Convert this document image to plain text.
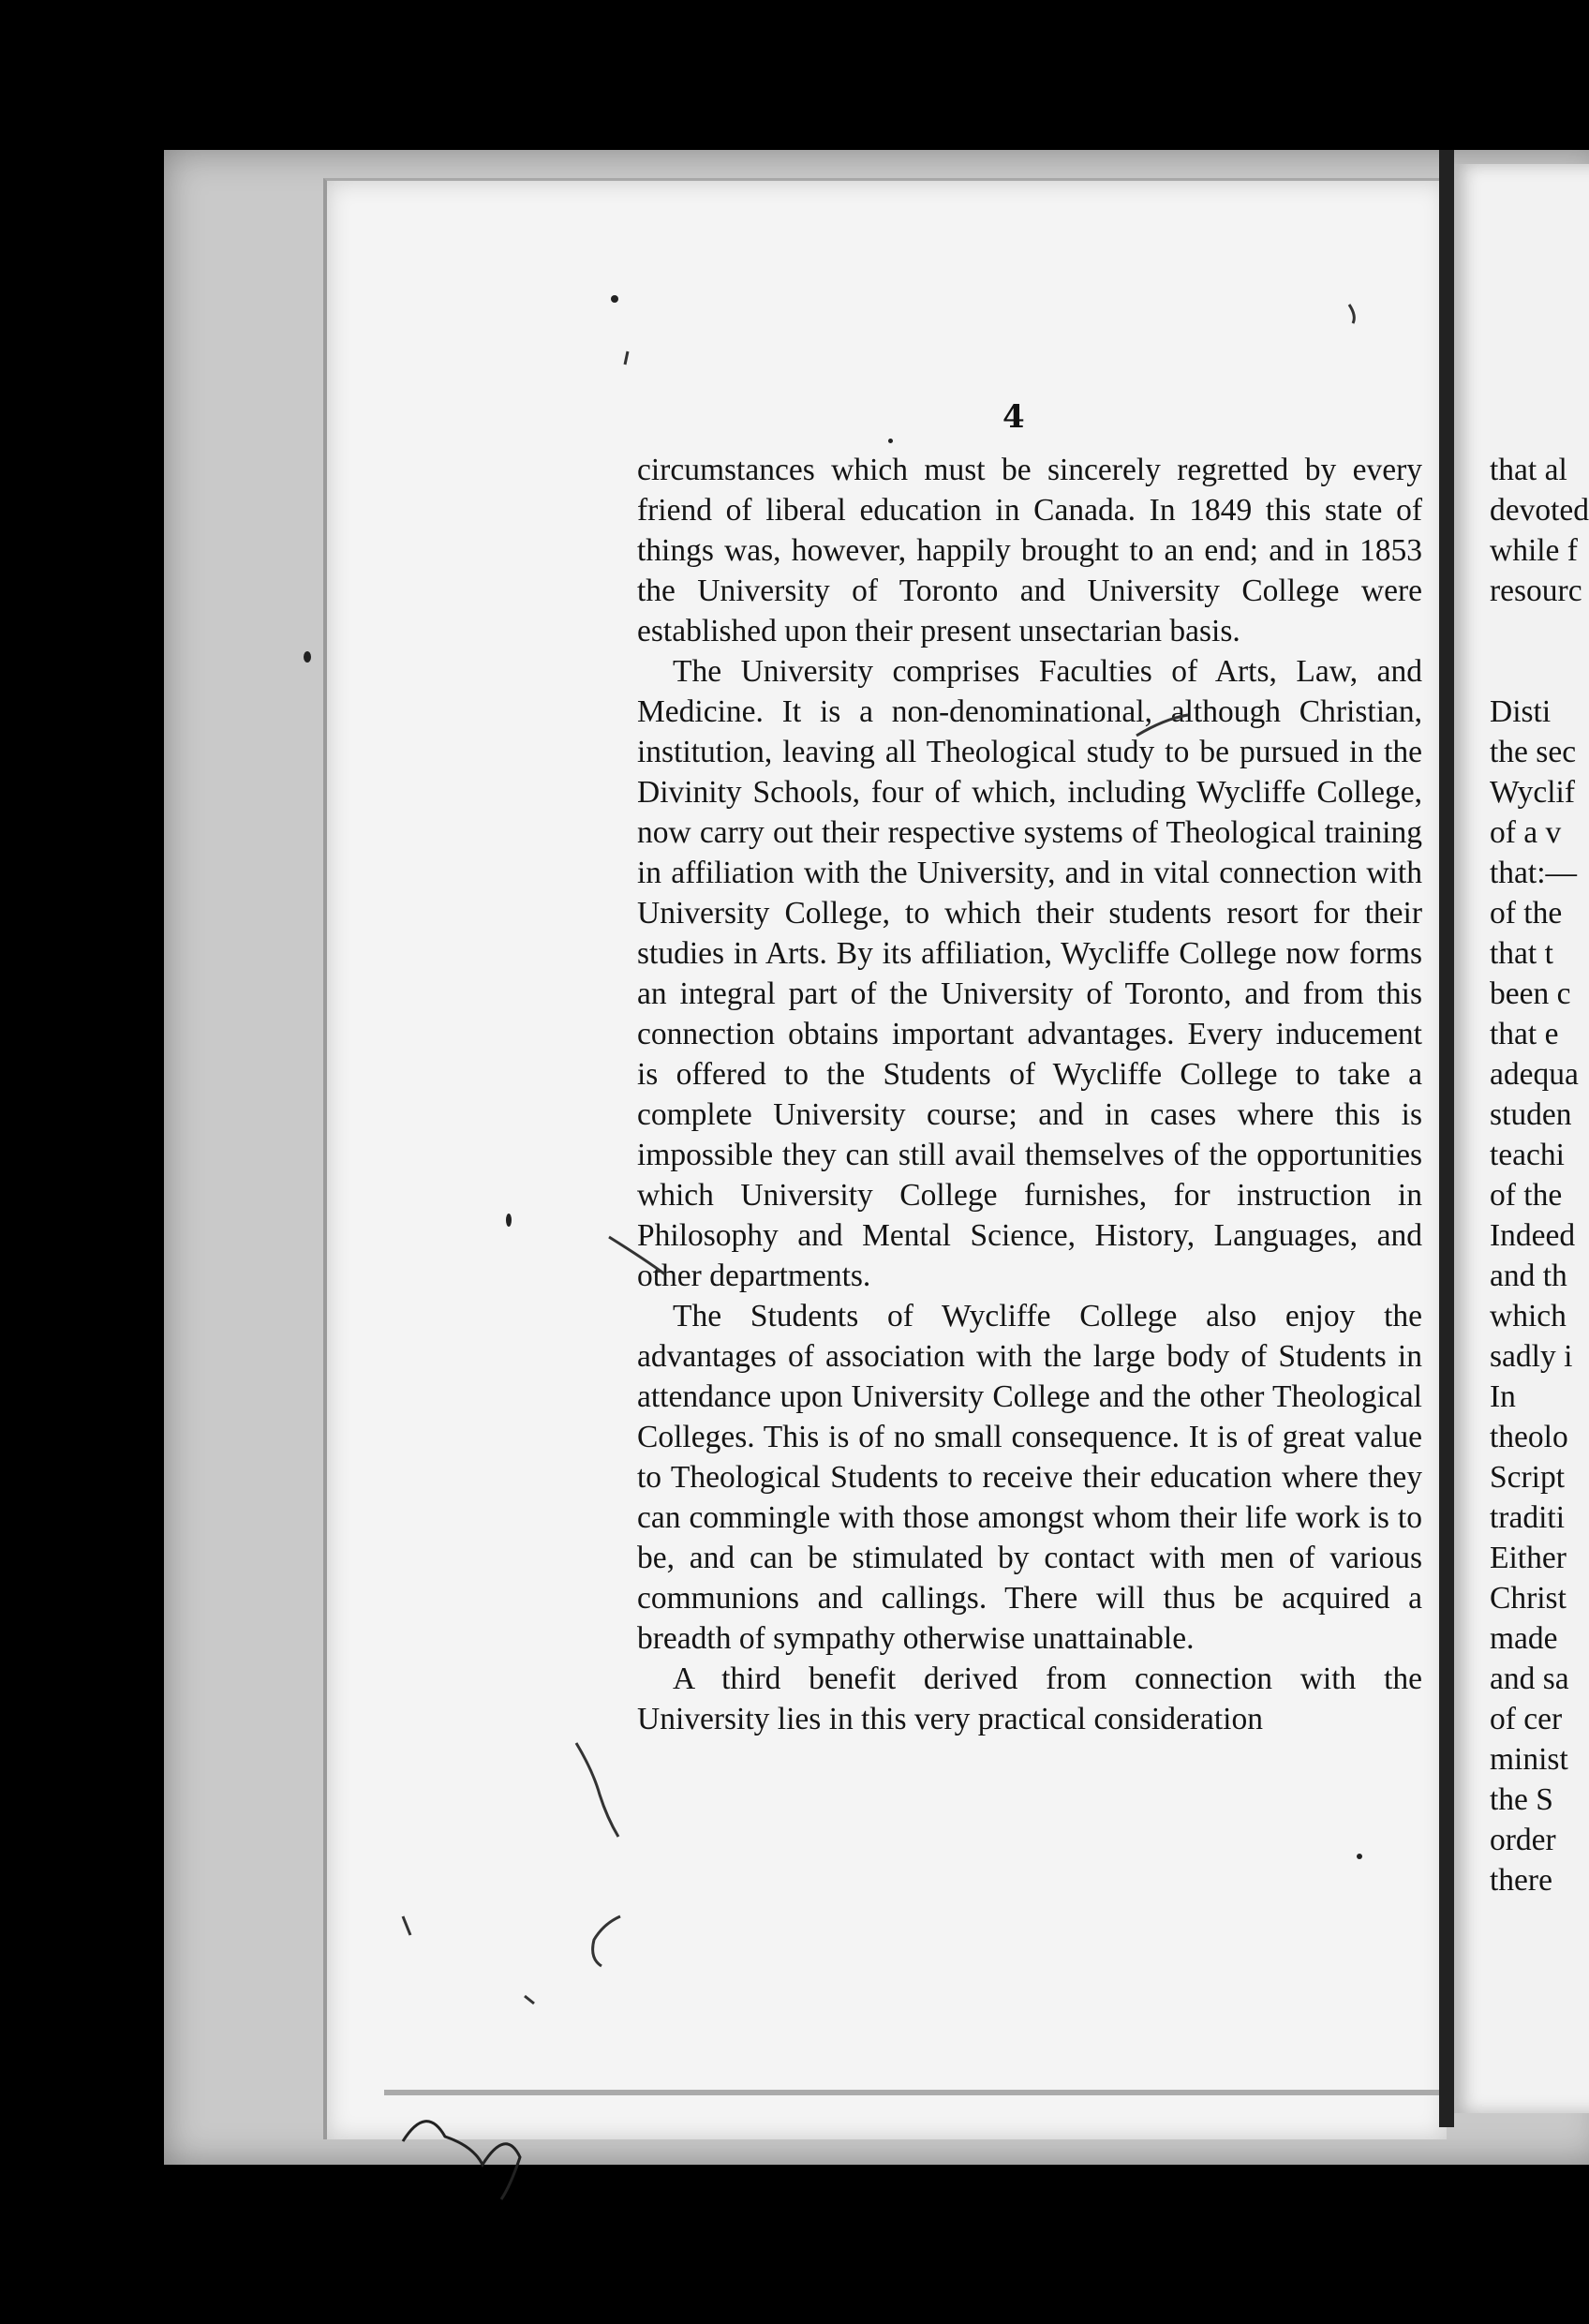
4

circumstances which must be sincerely regretted by every friend of liberal education in Canada. In 1849 this state of things was, however, happily brought to an end; and in 1853 the University of Toronto and University College were established upon their present unsectarian basis.

The University comprises Faculties of Arts, Law, and Medicine. It is a non-denominational, although Christian, institution, leaving all Theological study to be pursued in the Divinity Schools, four of which, including Wycliffe College, now carry out their respective systems of Theological training in affiliation with the University, and in vital connection with University College, to which their students resort for their studies in Arts. By its affiliation, Wycliffe College now forms an integral part of the University of Toronto, and from this connection obtains important advantages. Every inducement is offered to the Students of Wycliffe College to take a complete University course; and in cases where this is impossible they can still avail themselves of the opportunities which University College furnishes, for instruction in Philosophy and Mental Science, History, Languages, and other departments.

The Students of Wycliffe College also enjoy the advantages of association with the large body of Students in attendance upon University College and the other Theological Colleges. This is of no small consequence. It is of great value to Theological Students to receive their education where they can commingle with those amongst whom their life work is to be, and can be stimulated by contact with men of various communions and callings. There will thus be acquired a breadth of sympathy otherwise unattainable.

A third benefit derived from connection with the University lies in this very practical consideration

that al
devoted
while f
resourc
Disti
the sec
Wyclif
of a v
that:—
of the
that t
been c
that e
adequa
studen
teachi
of the
Indeed
and th
which
sadly i
In
theolo
Script
traditi
Either
Christ
made
and sa
of cer
minist
the S
order
there
